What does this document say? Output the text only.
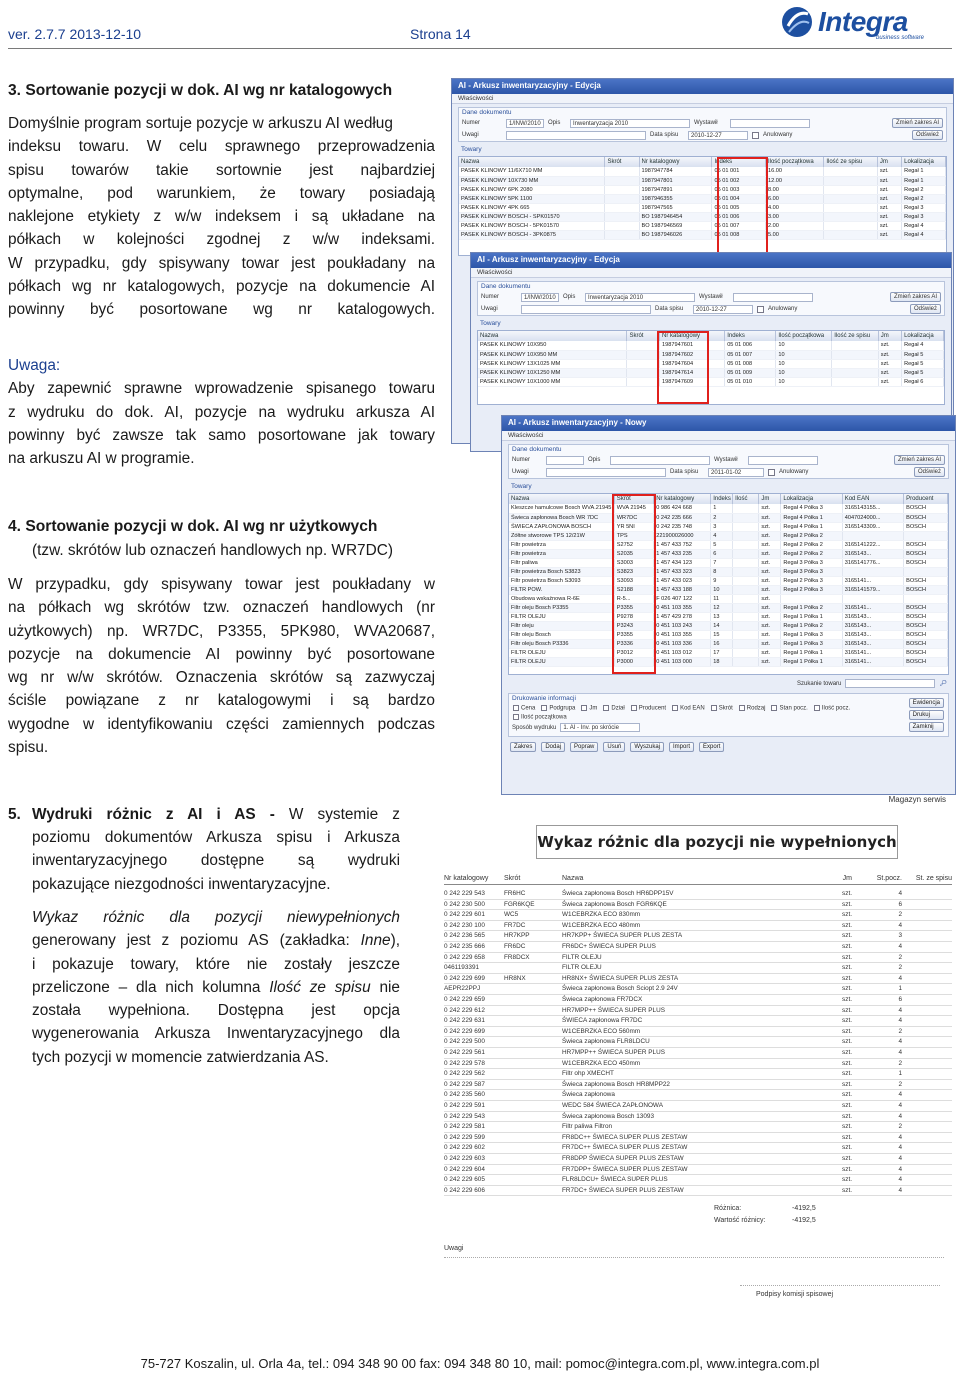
ver. 2.7.7 2013-12-10	Strona 14	Integra
business software
3. Sortowanie pozycji w dok. AI wg nr katalogowych
Domyślnie program sortuje pozycje w arkuszu AI według
indeksu towaru. W celu sprawnego przeprowadzenia
spisu towarów takie sortownie jest najbardziej
optymalne, pod warunkiem, że towary posiadają
naklejone etykiety z w/w indeksem i są układane na
półkach w kolejności zgodnej z w/w indeksami.
W przypadku, gdy spisywany towar jest poukładany na
półkach wg nr katalogowych, pozycje na dokumencie AI
powinny być posortowane wg nr katalogowych.
Uwaga:
Aby zapewnić sprawne wprowadzenie spisanego towaru
z wydruku do dok. AI, pozycje na wydruku arkusza AI
powinny być zawsze tak samo posortowane jak towary
na arkuszu AI w programie.
4. Sortowanie pozycji w dok. AI wg nr użytkowych
(tzw. skrótów lub oznaczeń handlowych np. WR7DC)
W przypadku, gdy spisywany towar jest poukładany w
na półkach wg skrótów tzw. oznaczeń handlowych (nr
użytkowych) np. WR7DC, P3355, 5PK980, WVA20687,
pozycje na dokumencie AI powinny być posortowane
wg nr w/w skrótów. Oznaczenia skrótów są zazwyczaj
ściśle powiązane z nr katalogowymi i są bardzo
wygodne w identyfikowaniu części zamiennych podczas
spisu.
5. Wydruki różnic z AI i AS - W systemie z
poziomu dokumentów Arkusza spisu i Arkusza
inwentaryzacyjnego dostępne są wydruki
pokazujące niezgodności inwentaryzacyjne.
Wykaz różnic dla pozycji niewypełnionych
generowany jest z poziomu AS (zakładka: Inne),
i pokazuje towary, które nie zostały jeszcze
przeliczone – dla nich kolumna Ilość ze spisu nie
została wypełniona. Dostępna jest opcja
wygenerowania Arkusza Inwentaryzacyjnego dla
tych pozycji w momencie zatwierdzania AS.
AI - Arkusz inwentaryzacyjny - Edycja
Właściwości
Dane dokumentu
Numer	1/INW/2010	Opis	Inwentaryzacja 2010	Wystawił	Zmień zakres AI
Uwagi	Data spisu	2010-12-27	Anulowany	Odśwież
Towary
Nazwa	Skrót	Nr katalogowy	Indeks	Ilość początkowa	Ilość ze spisu	Jm	Lokalizacja
PASEK KLINOWY 11/6X710 MM		1987947784	05 01 001	16.00		szt.	Regał 1
PASEK KLINOWY 10X730 MM		1987947801	05 01 002	12.00		szt.	Regał 1
PASEK KLINOWY 6PK 2080		1987947891	05 01 003	8.00		szt.	Regał 2
PASEK KLINOWY 5PK 1100		1987946355	05 01 004	6.00		szt.	Regał 2
PASEK KLINOWY 4PK 665		1987947565	05 01 005	4.00		szt.	Regał 3
PASEK KLINOWY BOSCH - SPK01570		BO 1987946454	05 01 006	3.00		szt.	Regał 3
PASEK KLINOWY BOSCH - 5PK01570		BO 1987946569	05 01 007	2.00		szt.	Regał 4
PASEK KLINOWY BOSCH - 3PK0875		BO 1987946026	05 01 008	5.00		szt.	Regał 4
AI - Arkusz inwentaryzacyjny - Edycja
Właściwości
Dane dokumentu
Numer	1/INW/2010	Opis	Inwentaryzacja 2010	Wystawił	Zmień zakres AI
Uwagi	Data spisu	2010-12-27	Anulowany	Odśwież
Towary
Nazwa	Skrót	Nr katalogowy	Indeks	Ilość początkowa	Ilość ze spisu	Jm	Lokalizacja
PASEK KLINOWY 10X950		1987947601	05 01 006	10		szt.	Regał 4
PASEK KLINOWY 10X950 MM		1987947602	05 01 007	10		szt.	Regał 5
PASEK KLINOWY 13X1025 MM		1987947604	05 01 008	10		szt.	Regał 5
PASEK KLINOWY 10X1250 MM		1987947614	05 01 009	10		szt.	Regał 5
PASEK KLINOWY 10X1000 MM		1987947609	05 01 010	10		szt.	Regał 6
AI - Arkusz inwentaryzacyjny - Nowy
Właściwości
Dane dokumentu
Numer	Opis	Wystawił	Zmień zakres AI
Uwagi	Data spisu	2011-01-02	Anulowany	Odśwież
Towary
Nazwa	Skrót	Nr katalogowy	Indeks	Ilość	Jm	Lokalizacja	Kod EAN	Producent
Kleszcze hamulcowe Bosch WVA.21945	WVA 21945	0 986 424 668	1		szt.	Regał 4 Półka 3	3165143155...	BOSCH
Świeca zapłonowa Bosch WR 7DC	WR7DC	0 242 235 666	2		szt.	Regał 4 Półka 1	4047024000...	BOSCH
ŚWIECA ZAPŁONOWA BOSCH	YR 5NI	0 242 235 748	3		szt.	Regał 4 Półka 1	3165143309...	BOSCH
Zółtne stworowe TPS 12/21W	TPS	221900026000	4		szt.	Regał 2 Półka 2		
Filtr powietrza	S2752	1 457 433 752	5		szt.	Regał 2 Półka 2	3165141222...	BOSCH
Filtr powietrza	S2035	1 457 433 235	6		szt.	Regał 2 Półka 2	3165143...	BOSCH
Filtr paliwa	S3003	1 457 434 123	7		szt.	Regał 3 Półka 3	3165141776...	BOSCH
Filtr powietrza Bosch S3823	S3823	1 457 433 323	8		szt.	Regał 3 Półka 3		
Filtr powietrza Bosch S3093	S3093	1 457 433 023	9		szt.	Regał 2 Półka 3	3165141...	BOSCH
FILTR POW.	S2188	1 457 433 188	10		szt.	Regał 2 Półka 3	3165141579...	BOSCH
Obudowa wskaźnowa R-6E	R-5...	F 026 407 122	11		szt.			
Filtr oleju Bosch P3355	P3355	0 451 103 355	12		szt.	Regał 1 Półka 2	3165141...	BOSCH
FILTR OLEJU	P9278	1 457 429 278	13		szt.	Regał 1 Półka 1	3165143...	BOSCH
Filtr oleju	P3243	0 451 103 243	14		szt.	Regał 1 Półka 2	3165143...	BOSCH
Filtr oleju Bosch	P3355	0 451 103 355	15		szt.	Regał 1 Półka 3	3165143...	BOSCH
Filtr oleju Bosch P3336	P3336	0 451 103 336	16		szt.	Regał 1 Półka 3	3165143...	BOSCH
FILTR OLEJU	P3012	0 451 103 012	17		szt.	Regał 1 Półka 1	3165141...	BOSCH
FILTR OLEJU	P3000	0 451 103 000	18		szt.	Regał 1 Półka 1	3165141...	BOSCH
Szukanie towaru	🔎︎
Drukowanie informacji
Cena	Podgrupa	Jm	Dział	Producent	Kod EAN	Skrót	Rodzaj	Stan pocz.	Ilość pocz.
Ilość początkowa
Sposób wydruku	1. AI - Inv. po skrócie
Ewidencja
Drukuj
Zamknij
Zakres	Dodaj	Popraw	Usuń	Wyszukaj	Import	Export
Magazyn serwis
Wykaz różnic dla pozycji nie wypełnionych
Nr katalogowy	Skrót	Nazwa	Jm	St.pocz.	St. ze spisu
0 242 229 543	FR6HC	Świeca zapłonowa Bosch HR6DPP15V	szt.	4
0 242 230 500	FGR6KQE	Świeca zapłonowa Bosch FGR6KQE	szt.	6
0 242 229 601	WC5	W1CEBRZKA ECO 830mm	szt.	2
0 242 230 100	FR7DC	W1CEBRZKA ECO 480mm	szt.	4
0 242 236 565	HR7KPP	HR7KPP+ ŚWIECA SUPER PLUS ZESTA	szt.	3
0 242 235 666	FR6DC	FR6DC+ ŚWIECA SUPER PLUS	szt.	4
0 242 229 658	FR8DCX	FILTR OLEJU	szt.	2
0461193391	FILTR OLEJU	szt.	2
0 242 229 699	HR8NX	HR8NX+ ŚWIECA SUPER PLUS ZESTA	szt.	4
AEPR22PPJ	Świeca zapłonowa Bosch Sciopt 2.9 24V	szt.	1
0 242 229 659	Świeca zapłonowa FR7DCX	szt.	6
0 242 229 612	HR7MPP++ ŚWIECA SUPER PLUS	szt.	4
0 242 229 631	ŚWIECA zapłonowa FR7DC	szt.	4
0 242 229 699	W1CEBRZKA ECO 560mm	szt.	2
0 242 229 500	Świeca zapłonowa FLR8LDCU	szt.	4
0 242 229 561	HR7MPP++ ŚWIECA SUPER PLUS	szt.	4
0 242 229 578	W1CEBRZKA ECO 450mm	szt.	2
0 242 229 562	Filtr ohp XMECHT	szt.	1
0 242 229 587	Świeca zapłonowa Bosch HR8MPP22	szt.	2
0 242 235 560	Świeca zapłonowa	szt.	4
0 242 229 591	WEDC 584 ŚWIECA ZAPŁONOWA	szt.	4
0 242 229 543	Świeca zapłonowa Bosch 13093	szt.	4
0 242 229 581	Filtr paliwa Filtron	szt.	2
0 242 229 599	FR8DC++ ŚWIECA SUPER PLUS ZESTAW	szt.	4
0 242 229 602	FR7DC++ ŚWIECA SUPER PLUS ZESTAW	szt.	4
0 242 229 603	FR8DPP ŚWIECA SUPER PLUS ZESTAW	szt.	4
0 242 229 604	FR7DPP+ ŚWIECA SUPER PLUS ZESTAW	szt.	4
0 242 229 605	FLR8LDCU+ ŚWIECA SUPER PLUS	szt.	4
0 242 229 606	FR7DC+ ŚWIECA SUPER PLUS ZESTAW	szt.	4
Różnica:
Wartość różnicy:
-4192,5
-4192,5
Uwagi
Podpisy komisji spisowej
75-727 Koszalin, ul. Orla 4a, tel.: 094 348 90 00 fax: 094 348 80 10, mail: pomoc@integra.com.pl, www.integra.com.pl
